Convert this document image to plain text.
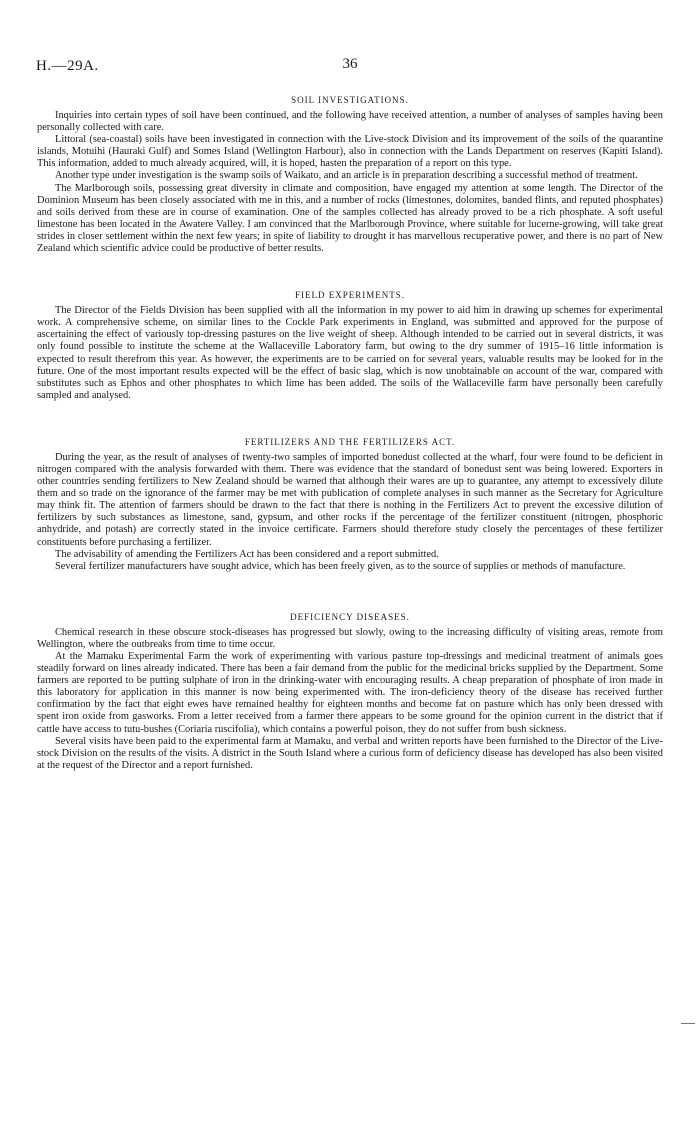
H.—29A.	36
SOIL INVESTIGATIONS.

Inquiries into certain types of soil have been continued, and the following have received attention, a number of analyses of samples having been personally collected with care.

Littoral (sea-coastal) soils have been investigated in connection with the Live-stock Division and its improvement of the soils of the quarantine islands, Motuihi (Hauraki Gulf) and Somes Island (Wellington Harbour), also in connection with the Lands Department on reserves (Kapiti Island). This information, added to much already acquired, will, it is hoped, hasten the preparation of a report on this type.

Another type under investigation is the swamp soils of Waikato, and an article is in preparation describing a successful method of treatment.

The Marlborough soils, possessing great diversity in climate and composition, have engaged my attention at some length. The Director of the Dominion Museum has been closely associated with me in this, and a number of rocks (limestones, dolomites, banded flints, and reputed phosphates) and soils derived from these are in course of examination. One of the samples collected has already proved to be a rich phosphate. A soft useful limestone has been located in the Awatere Valley. I am convinced that the Marlborough Province, where suitable for lucerne-growing, will take great strides in closer settlement within the next few years; in spite of liability to drought it has marvellous recuperative power, and there is no part of New Zealand which scientific advice could be productive of better results.

FIELD EXPERIMENTS.

The Director of the Fields Division has been supplied with all the information in my power to aid him in drawing up schemes for experimental work. A comprehensive scheme, on similar lines to the Cockle Park experiments in England, was submitted and approved for the purpose of ascertaining the effect of variously top-dressing pastures on the live weight of sheep. Although intended to be carried out in several districts, it was only found possible to institute the scheme at the Wallaceville Laboratory farm, but owing to the dry summer of 1915–16 little information is expected to result therefrom this year. As however, the experiments are to be carried on for several years, valuable results may be looked for in the future. One of the most important results expected will be the effect of basic slag, which is now unobtainable on account of the war, compared with substitutes such as Ephos and other phosphates to which lime has been added. The soils of the Wallaceville farm have personally been carefully sampled and analysed.

FERTILIZERS AND THE FERTILIZERS ACT.

During the year, as the result of analyses of twenty-two samples of imported bonedust collected at the wharf, four were found to be deficient in nitrogen compared with the analysis forwarded with them. There was evidence that the standard of bonedust sent was being lowered. Exporters in other countries sending fertilizers to New Zealand should be warned that although their wares are up to guarantee, any attempt to excessively dilute them and so trade on the ignorance of the farmer may be met with publication of complete analyses in such manner as the Secretary for Agriculture may think fit. The attention of farmers should be drawn to the fact that there is nothing in the Fertilizers Act to prevent the excessive dilution of fertilizers by such substances as limestone, sand, gypsum, and other rocks if the percentage of the fertilizer constituent (nitrogen, phosphoric anhydride, and potash) are correctly stated in the invoice certificate. Farmers should therefore study closely the percentages of these fertilizer constituents before purchasing a fertilizer.

The advisability of amending the Fertilizers Act has been considered and a report submitted.

Several fertilizer manufacturers have sought advice, which has been freely given, as to the source of supplies or methods of manufacture.

DEFICIENCY DISEASES.

Chemical research in these obscure stock-diseases has progressed but slowly, owing to the increasing difficulty of visiting areas, remote from Wellington, where the outbreaks from time to time occur.

At the Mamaku Experimental Farm the work of experimenting with various pasture top-dressings and medicinal treatment of animals goes steadily forward on lines already indicated. There has been a fair demand from the public for the medicinal bricks supplied by the Department. Some farmers are reported to be putting sulphate of iron in the drinking-water with encouraging results. A cheap preparation of phosphate of iron made in this laboratory for application in this manner is now being experimented with. The iron-deficiency theory of the disease has received further confirmation by the fact that eight ewes have remained healthy for eighteen months and become fat on pasture which has only been dressed with spent iron oxide from gasworks. From a letter received from a farmer there appears to be some ground for the opinion current in the district that if cattle have access to tutu-bushes (Coriaria ruscifolia), which contains a powerful poison, they do not suffer from bush sickness.

Several visits have been paid to the experimental farm at Mamaku, and verbal and written reports have been furnished to the Director of the Live-stock Division on the results of the visits. A district in the South Island where a curious form of deficiency disease has developed has also been visited at the request of the Director and a report furnished.
